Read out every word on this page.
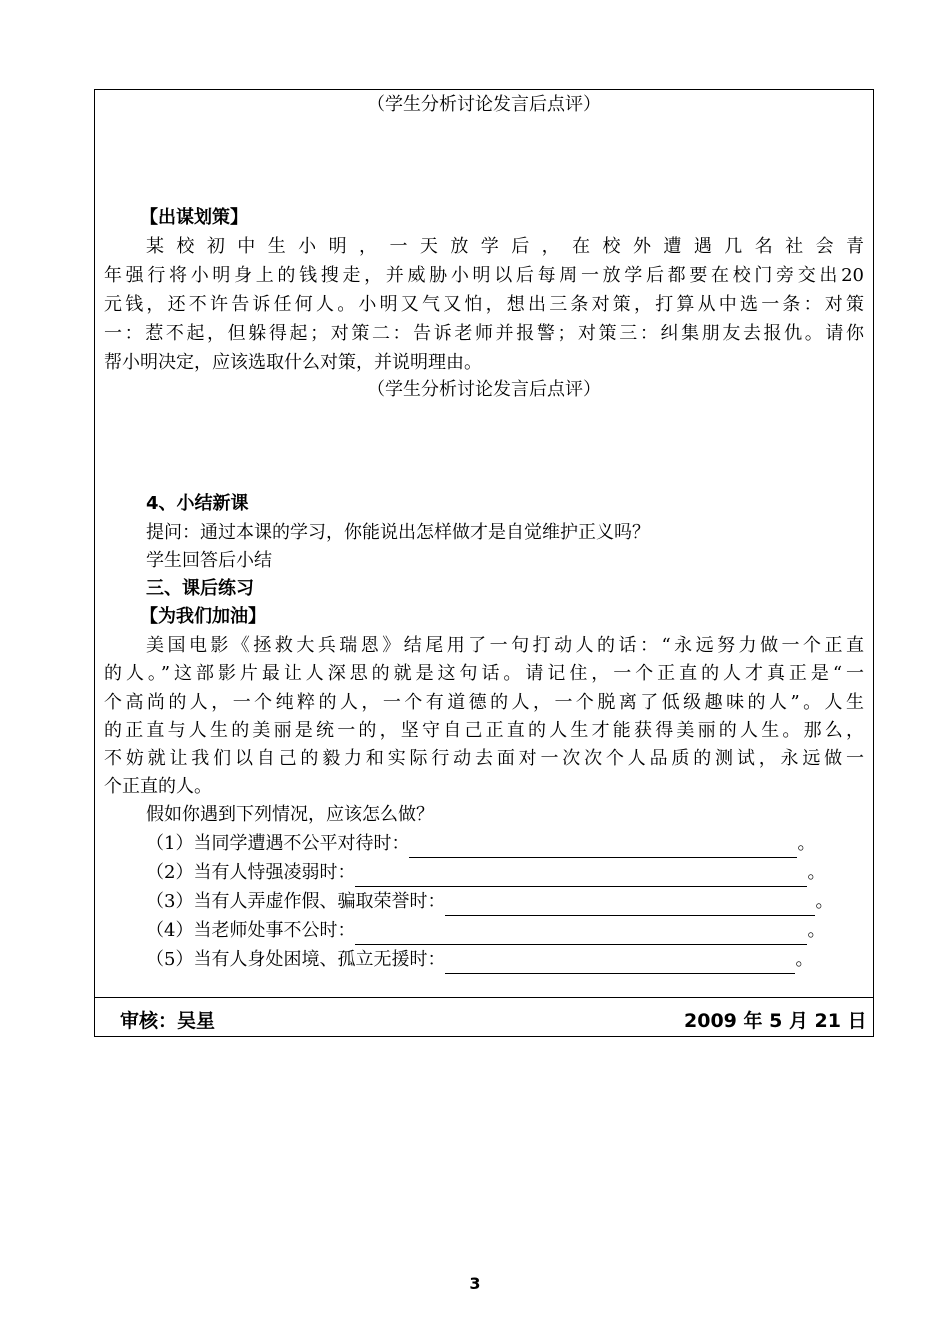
（学生分析讨论发言后点评）
【出谋划策】
某校初中生小明，一天放学后，在校外遭遇几名社会青
年强行将小明身上的钱搜走，并威胁小明以后每周一放学后都要在校门旁交出20
元钱，还不许告诉任何人。小明又气又怕，想出三条对策，打算从中选一条：对策
一：惹不起，但躲得起；对策二：告诉老师并报警；对策三：纠集朋友去报仇。请你
帮小明决定，应该选取什么对策，并说明理由。
（学生分析讨论发言后点评）
4、小结新课
提问：通过本课的学习，你能说出怎样做才是自觉维护正义吗？
学生回答后小结
三、课后练习
【为我们加油】
美国电影《拯救大兵瑞恩》结尾用了一句打动人的话：“永远努力做一个正直
的人。”这部影片最让人深思的就是这句话。请记住，一个正直的人才真正是“一
个高尚的人，一个纯粹的人，一个有道德的人，一个脱离了低级趣味的人”。人生
的正直与人生的美丽是统一的，坚守自己正直的人生才能获得美丽的人生。那么，
不妨就让我们以自己的毅力和实际行动去面对一次次个人品质的测试，永远做一
个正直的人。
假如你遇到下列情况，应该怎么做？
（1）当同学遭遇不公平对待时：	。
（2）当有人恃强凌弱时：	。
（3）当有人弄虚作假、骗取荣誉时：	。
（4）当老师处事不公时：	。
（5）当有人身处困境、孤立无援时：	。
审核：吴星	2009 年 5 月 21 日
3
